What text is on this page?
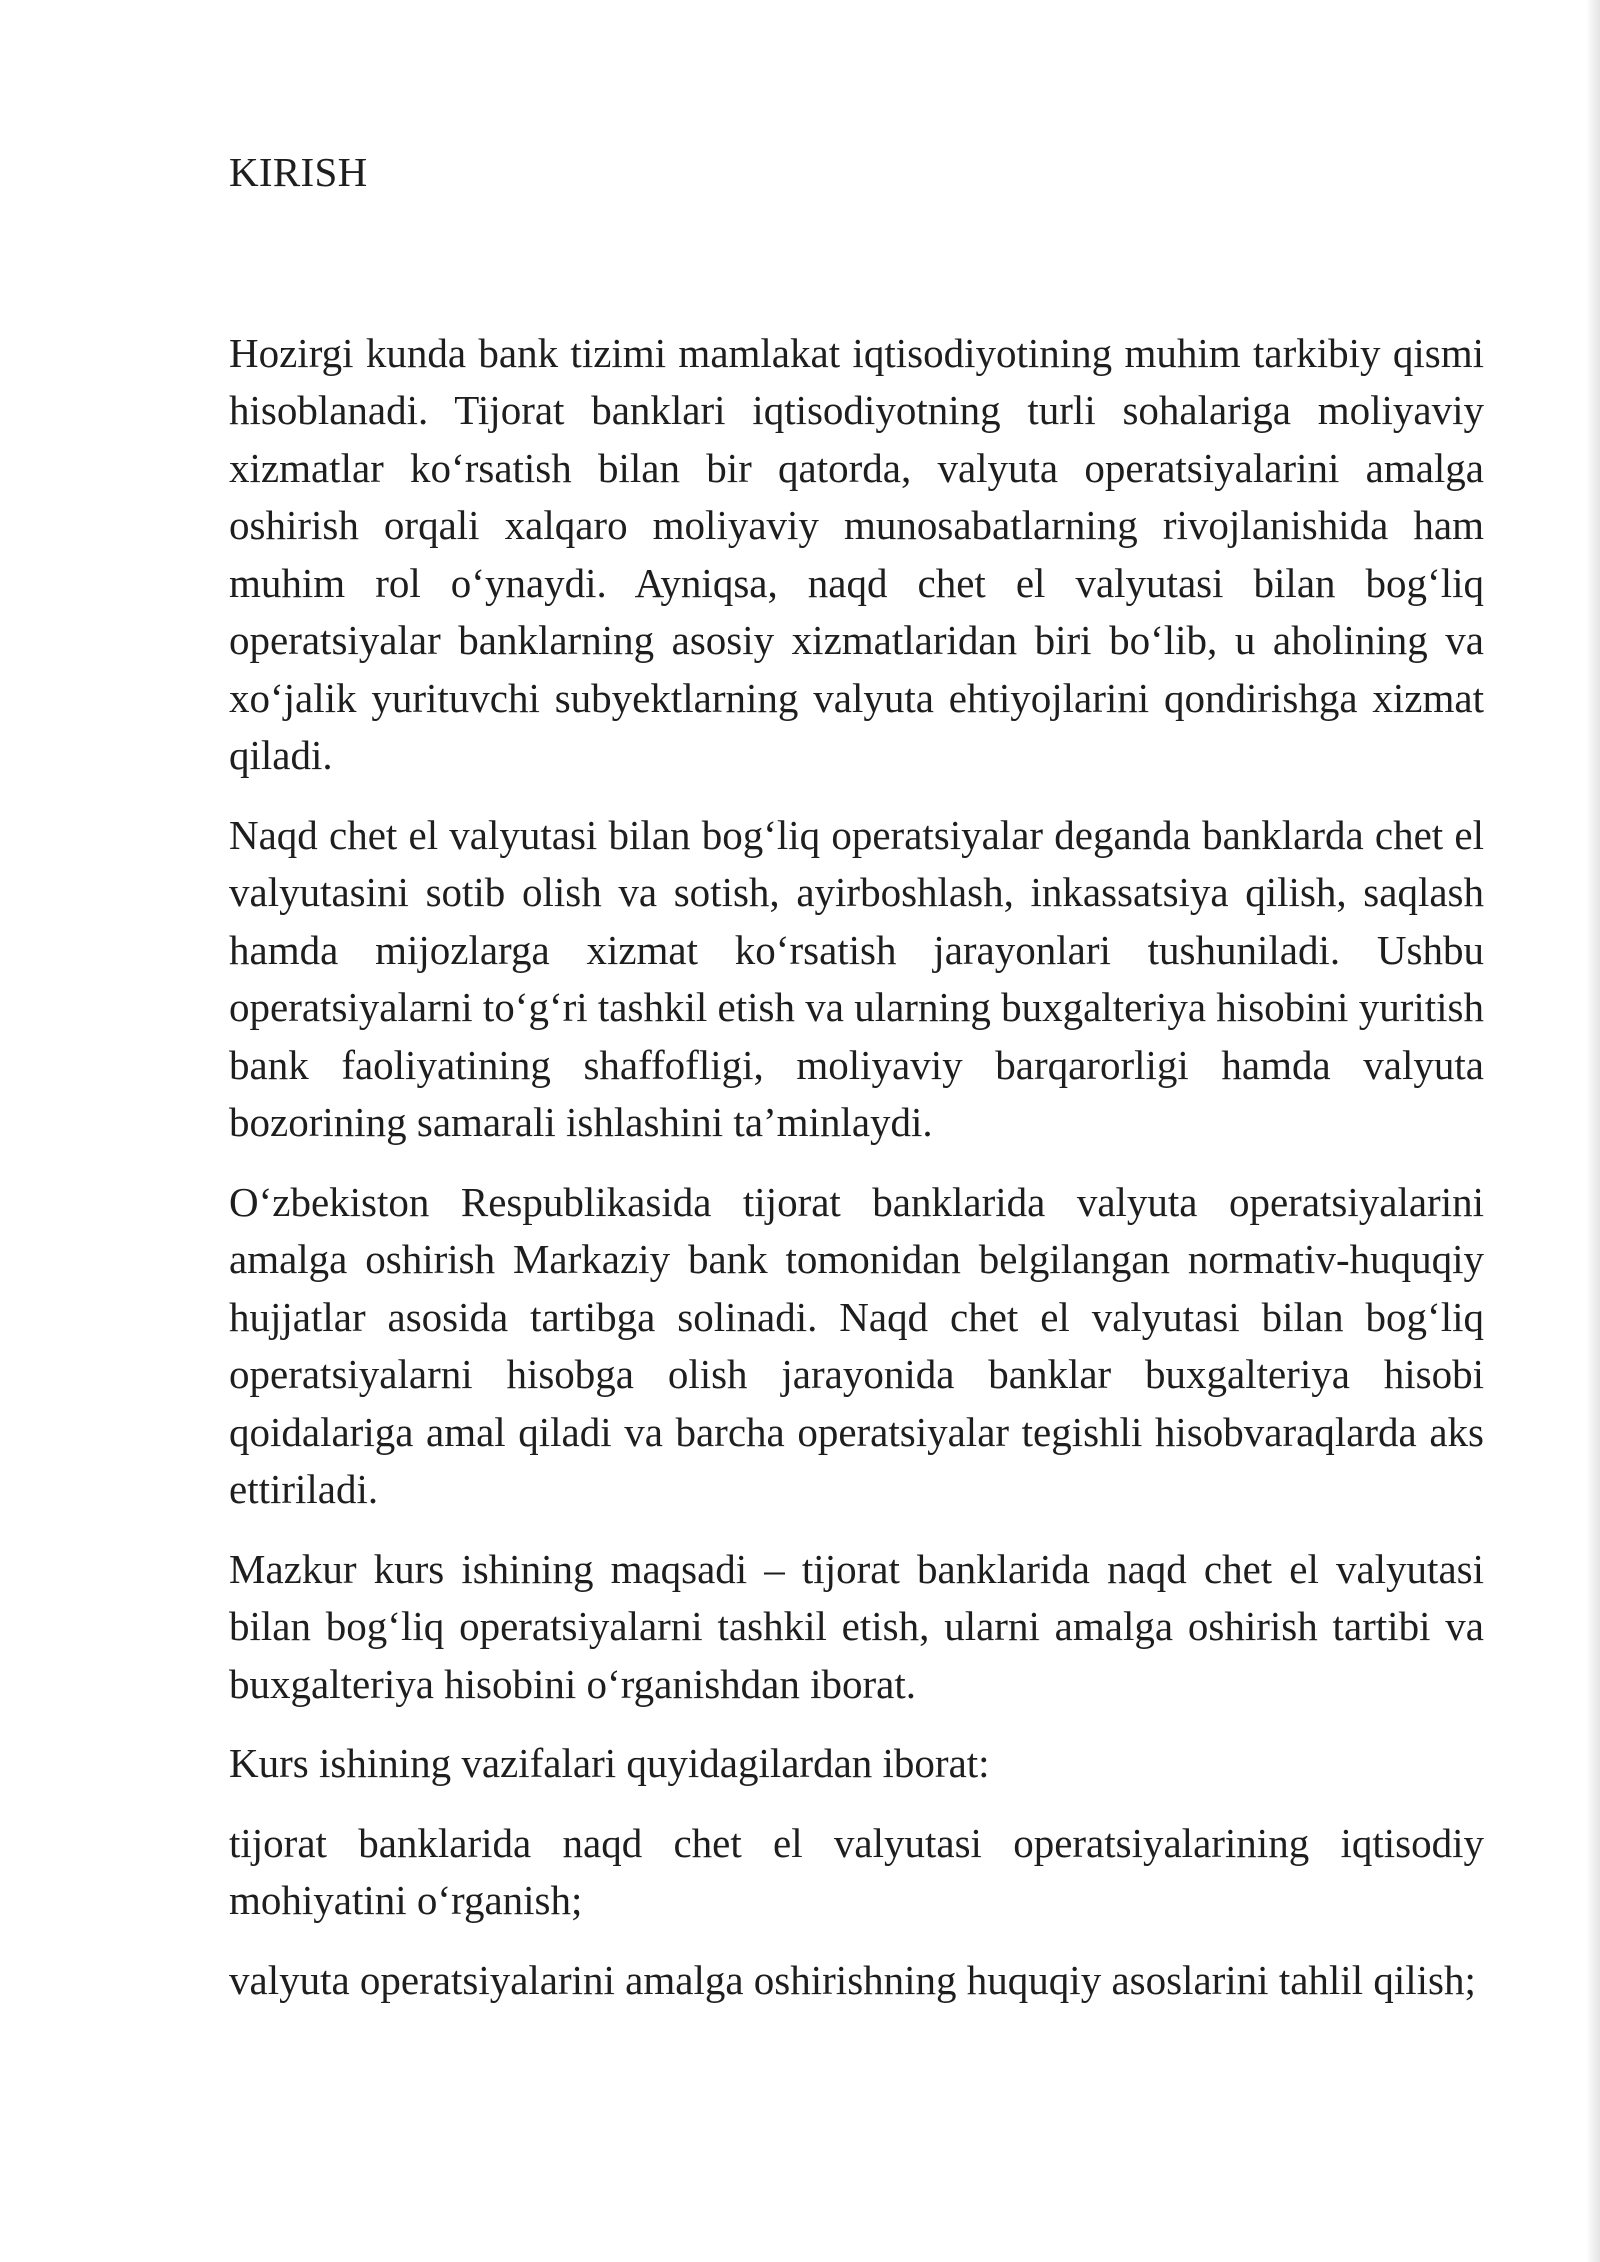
KIRISH

Hozirgi kunda bank tizimi mamlakat iqtisodiyotining muhim tarkibiy qismi hisoblanadi. Tijorat banklari iqtisodiyotning turli sohalariga moliyaviy xizmatlar ko‘rsatish bilan bir qatorda, valyuta operatsiyalarini amalga oshirish orqali xalqaro moliyaviy munosabatlarning rivojlanishida ham muhim rol o‘ynaydi. Ayniqsa, naqd chet el valyutasi bilan bog‘liq operatsiyalar banklarning asosiy xizmatlaridan biri bo‘lib, u aholining va xo‘jalik yurituvchi subyektlarning valyuta ehtiyojlarini qondirishga xizmat qiladi.

Naqd chet el valyutasi bilan bog‘liq operatsiyalar deganda banklarda chet el valyutasini sotib olish va sotish, ayirboshlash, inkassatsiya qilish, saqlash hamda mijozlarga xizmat ko‘rsatish jarayonlari tushuniladi. Ushbu operatsiyalarni to‘g‘ri tashkil etish va ularning buxgalteriya hisobini yuritish bank faoliyatining shaffofligi, moliyaviy barqarorligi hamda valyuta bozorining samarali ishlashini ta’minlaydi.

O‘zbekiston Respublikasida tijorat banklarida valyuta operatsiyalarini amalga oshirish Markaziy bank tomonidan belgilangan normativ-huquqiy hujjatlar asosida tartibga solinadi. Naqd chet el valyutasi bilan bog‘liq operatsiyalarni hisobga olish jarayonida banklar buxgalteriya hisobi qoidalariga amal qiladi va barcha operatsiyalar tegishli hisobvaraqlarda aks ettiriladi.

Mazkur kurs ishining maqsadi – tijorat banklarida naqd chet el valyutasi bilan bog‘liq operatsiyalarni tashkil etish, ularni amalga oshirish tartibi va buxgalteriya hisobini o‘rganishdan iborat.

Kurs ishining vazifalari quyidagilardan iborat:

tijorat banklarida naqd chet el valyutasi operatsiyalarining iqtisodiy mohiyatini o‘rganish;

valyuta operatsiyalarini amalga oshirishning huquqiy asoslarini tahlil qilish;
